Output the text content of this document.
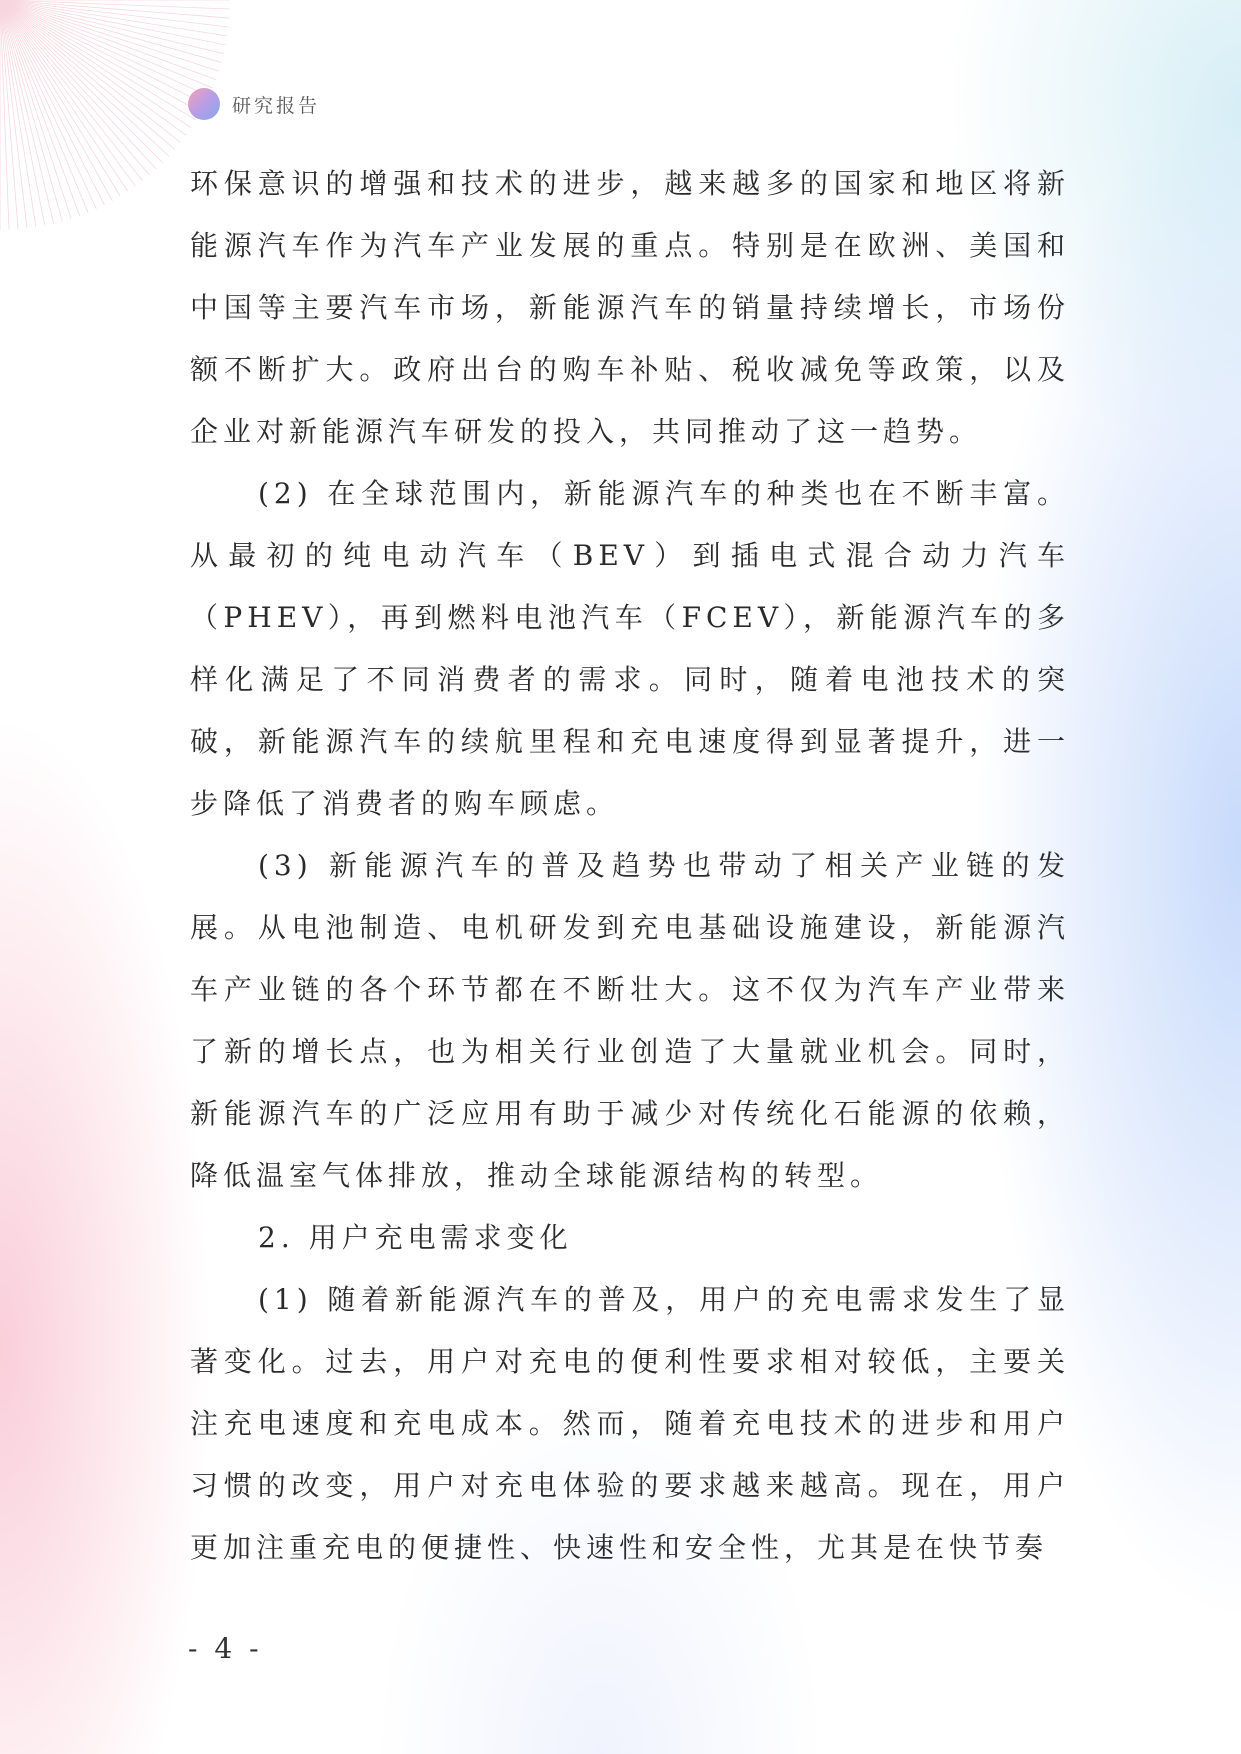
研究报告

环保意识的增强和技术的进步，越来越多的国家和地区将新能源汽车作为汽车产业发展的重点。特别是在欧洲、美国和中国等主要汽车市场，新能源汽车的销量持续增长，市场份额不断扩大。政府出台的购车补贴、税收减免等政策，以及企业对新能源汽车研发的投入，共同推动了这一趋势。

(2) 在全球范围内，新能源汽车的种类也在不断丰富。从最初的纯电动汽车（BEV）到插电式混合动力汽车（PHEV），再到燃料电池汽车（FCEV），新能源汽车的多样化满足了不同消费者的需求。同时，随着电池技术的突破，新能源汽车的续航里程和充电速度得到显著提升，进一步降低了消费者的购车顾虑。

(3) 新能源汽车的普及趋势也带动了相关产业链的发展。从电池制造、电机研发到充电基础设施建设，新能源汽车产业链的各个环节都在不断壮大。这不仅为汽车产业带来了新的增长点，也为相关行业创造了大量就业机会。同时，新能源汽车的广泛应用有助于减少对传统化石能源的依赖，降低温室气体排放，推动全球能源结构的转型。

2. 用户充电需求变化

(1) 随着新能源汽车的普及，用户的充电需求发生了显著变化。过去，用户对充电的便利性要求相对较低，主要关注充电速度和充电成本。然而，随着充电技术的进步和用户习惯的改变，用户对充电体验的要求越来越高。现在，用户更加注重充电的便捷性、快速性和安全性，尤其是在快节奏

- 4 -
